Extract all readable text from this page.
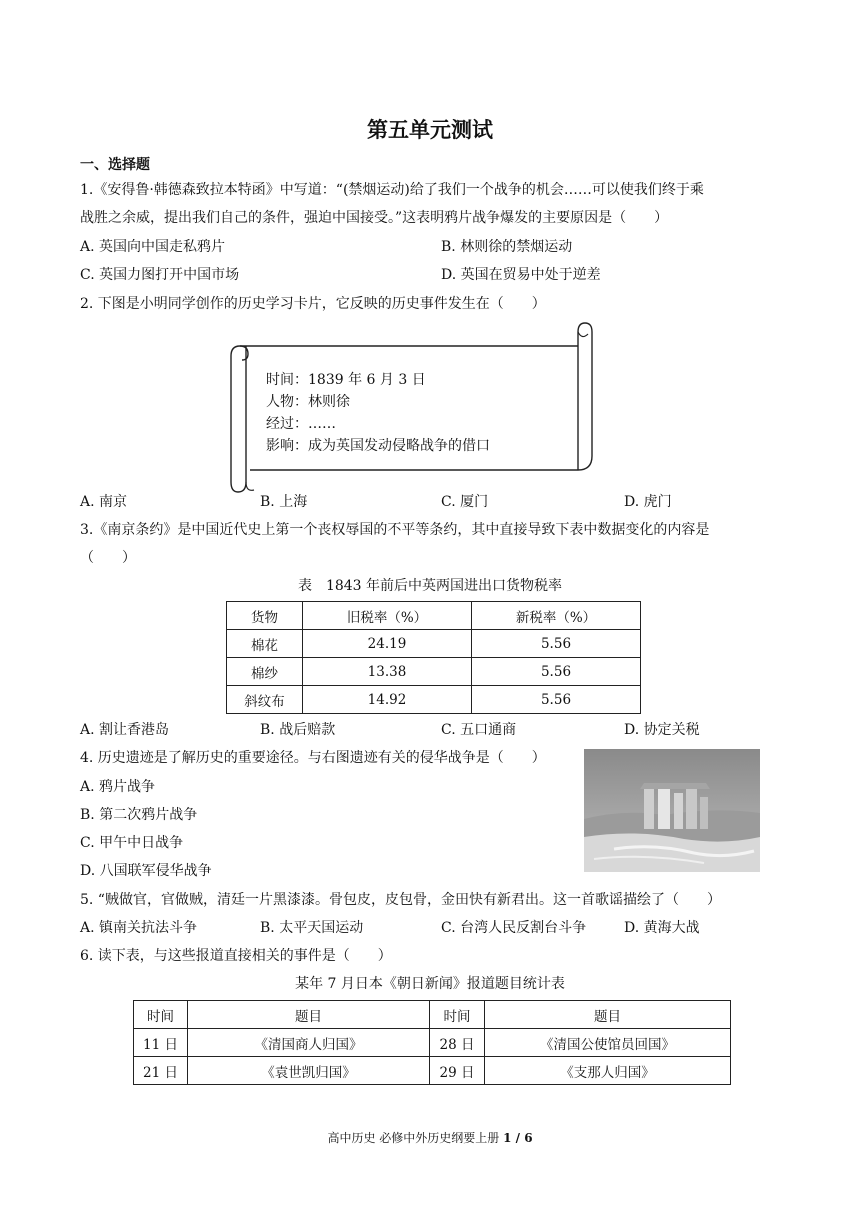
第五单元测试
一、选择题
1.《安得鲁·韩德森致拉本特函》中写道：“(禁烟运动)给了我们一个战争的机会……可以使我们终于乘
战胜之余威，提出我们自己的条件，强迫中国接受。”这表明鸦片战争爆发的主要原因是（　　）
A. 英国向中国走私鸦片	B. 林则徐的禁烟运动
C. 英国力图打开中国市场	D. 英国在贸易中处于逆差
2. 下图是小明同学创作的历史学习卡片，它反映的历史事件发生在（　　）
时间：1839 年 6 月 3 日
人物：林则徐
经过：……
影响：成为英国发动侵略战争的借口
A. 南京	B. 上海	C. 厦门	D. 虎门
3.《南京条约》是中国近代史上第一个丧权辱国的不平等条约，其中直接导致下表中数据变化的内容是
（　　）
表　1843 年前后中英两国进出口货物税率
货物	旧税率（%）	新税率（%）
棉花	24.19	5.56
棉纱	13.38	5.56
斜纹布	14.92	5.56
A. 割让香港岛	B. 战后赔款	C. 五口通商	D. 协定关税
4. 历史遗迹是了解历史的重要途径。与右图遗迹有关的侵华战争是（　　）
A. 鸦片战争
B. 第二次鸦片战争
C. 甲午中日战争
D. 八国联军侵华战争
5. “贼做官，官做贼，清廷一片黑漆漆。骨包皮，皮包骨，金田快有新君出。这一首歌谣描绘了（　　）
A. 镇南关抗法斗争	B. 太平天国运动	C. 台湾人民反割台斗争	D. 黄海大战
6. 读下表，与这些报道直接相关的事件是（　　）
某年 7 月日本《朝日新闻》报道题目统计表
时间	题目	时间	题目
11 日	《清国商人归国》	28 日	《清国公使馆员回国》
21 日	《袁世凯归国》	29 日	《支那人归国》
高中历史 必修中外历史纲要上册 1 / 6
